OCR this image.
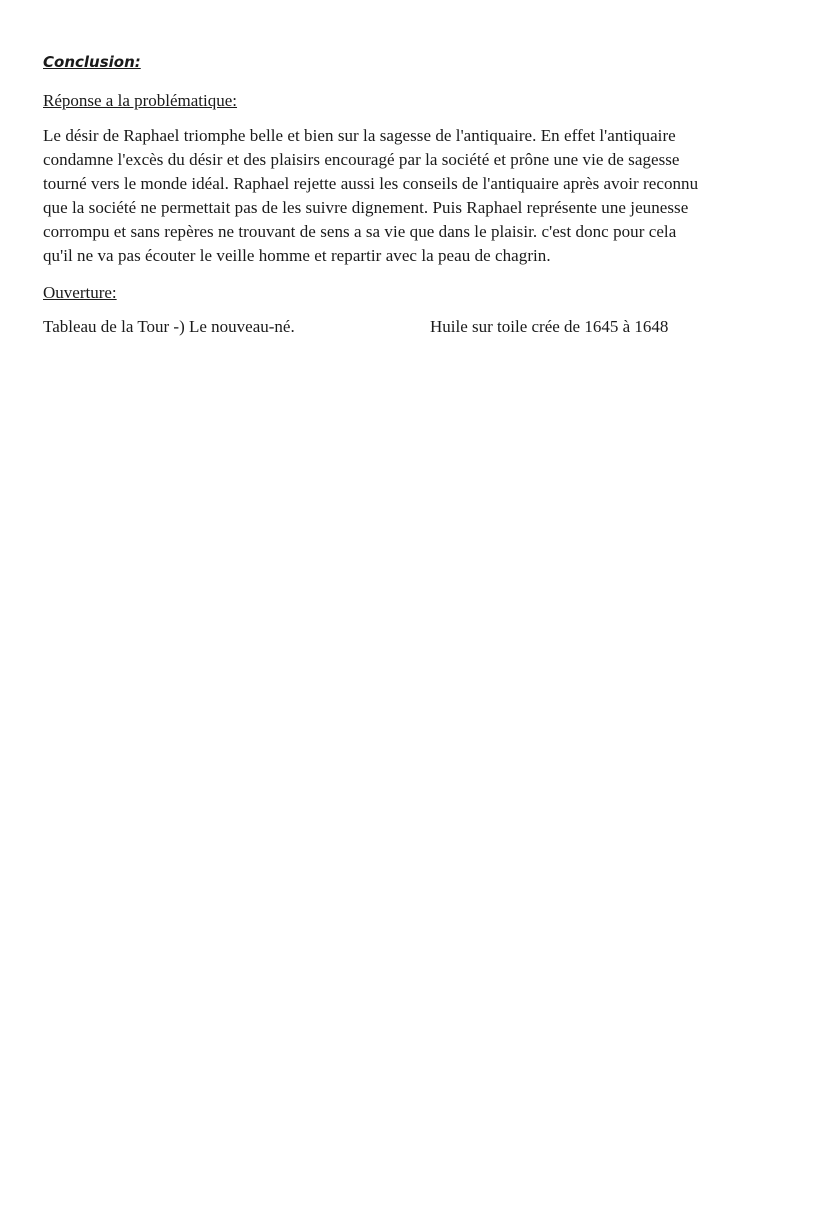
Conclusion:
Réponse a la problématique:
Le désir de Raphael triomphe belle et bien sur la sagesse de l'antiquaire. En effet l'antiquaire
condamne l'excès du désir et des plaisirs encouragé par la société et prône une vie de sagesse
tourné vers le monde idéal. Raphael rejette aussi les conseils de l'antiquaire après avoir reconnu
que la société ne permettait pas de les suivre dignement. Puis Raphael représente une jeunesse
corrompu et sans repères ne trouvant de sens a sa vie que dans le plaisir. c'est donc pour cela
qu'il ne va pas écouter le veille homme et repartir avec la peau de chagrin.
Ouverture:
Tableau de la Tour -) Le nouveau-né.	Huile sur toile crée de 1645 à 1648
